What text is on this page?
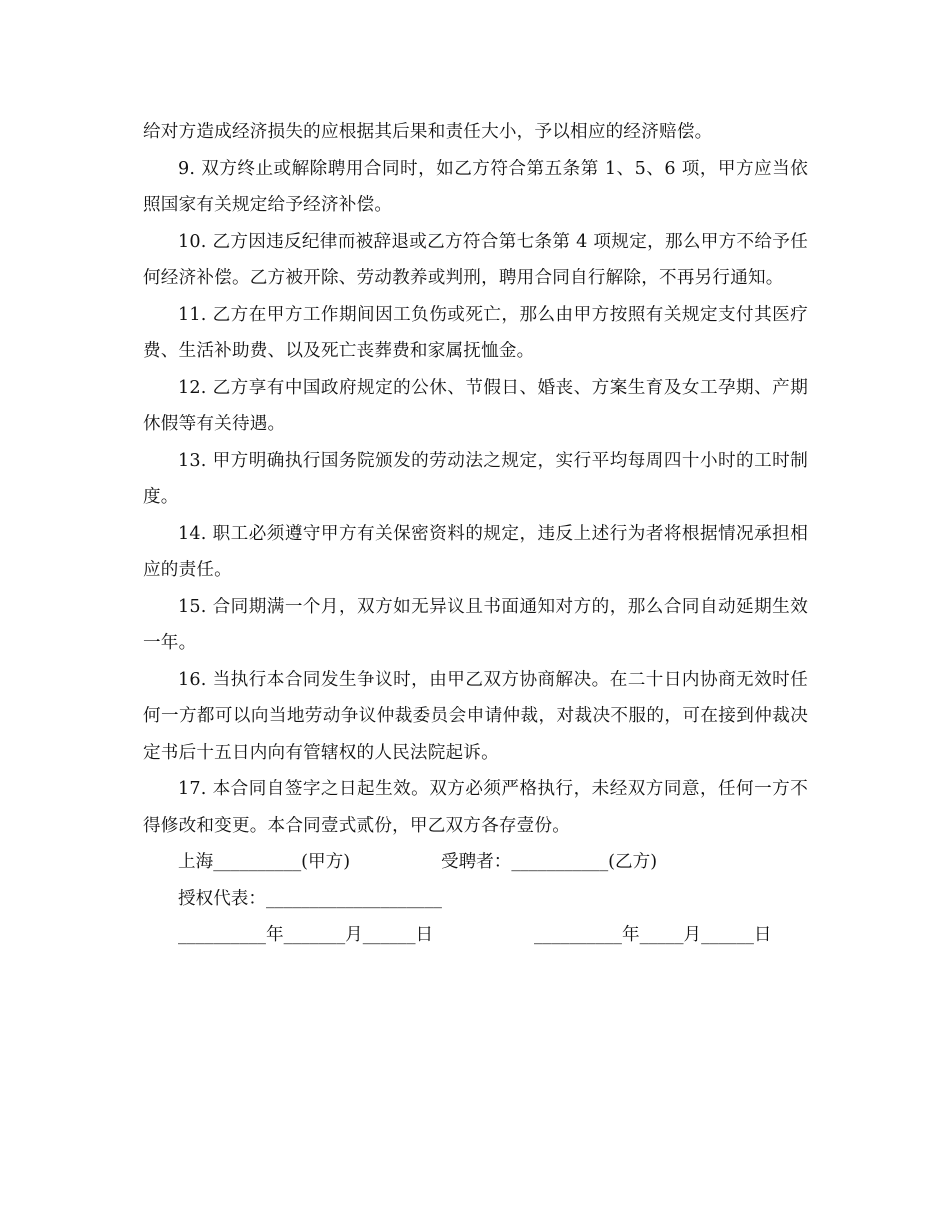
给对方造成经济损失的应根据其后果和责任大小，予以相应的经济赔偿。

9. 双方终止或解除聘用合同时，如乙方符合第五条第 1、5、6 项，甲方应当依照国家有关规定给予经济补偿。

10. 乙方因违反纪律而被辞退或乙方符合第七条第 4 项规定，那么甲方不给予任何经济补偿。乙方被开除、劳动教养或判刑，聘用合同自行解除，不再另行通知。

11. 乙方在甲方工作期间因工负伤或死亡，那么由甲方按照有关规定支付其医疗费、生活补助费、以及死亡丧葬费和家属抚恤金。

12. 乙方享有中国政府规定的公休、节假日、婚丧、方案生育及女工孕期、产期休假等有关待遇。

13. 甲方明确执行国务院颁发的劳动法之规定，实行平均每周四十小时的工时制度。

14. 职工必须遵守甲方有关保密资料的规定，违反上述行为者将根据情况承担相应的责任。

15. 合同期满一个月，双方如无异议且书面通知对方的，那么合同自动延期生效一年。

16. 当执行本合同发生争议时，由甲乙双方协商解决。在二十日内协商无效时任何一方都可以向当地劳动争议仲裁委员会申请仲裁，对裁决不服的，可在接到仲裁决定书后十五日内向有管辖权的人民法院起诉。

17. 本合同自签字之日起生效。双方必须严格执行，未经双方同意，任何一方不得修改和变更。本合同壹式贰份，甲乙双方各存壹份。

上海__________(甲方)	受聘者：___________(乙方)
授权代表：____________________
__________年_______月______日	__________年_____月______日
